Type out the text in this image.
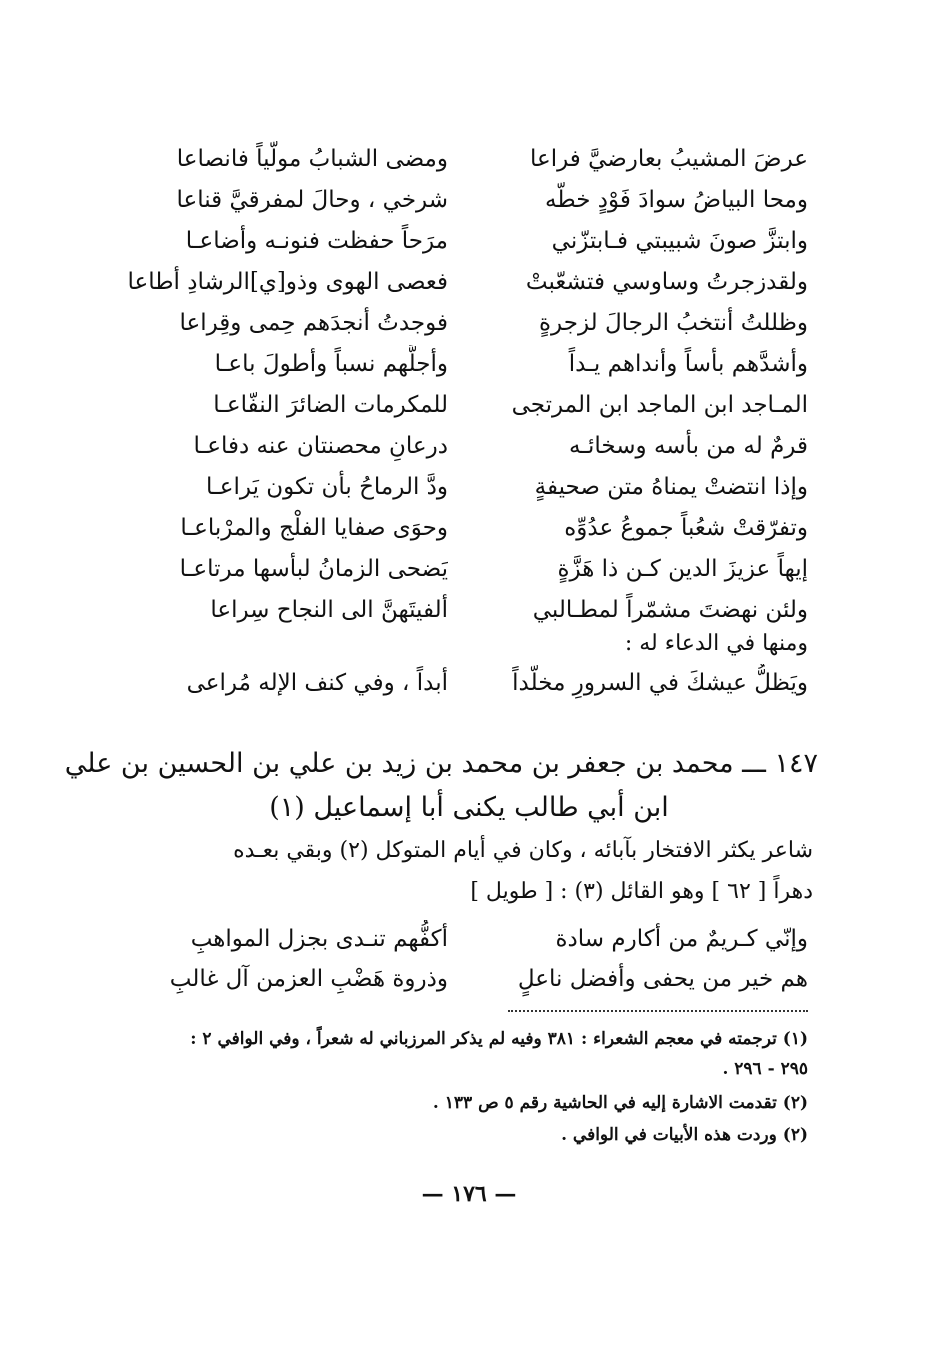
عرضَ المشيبُ بعارضيَّ فراعا
ومضى الشبابُ مولّياً فانصاعا
ومحا البياضُ سوادَ فَوْدٍ خطّه
شرخي ، وحالَ لمفرقيَّ قناعا
وابتزَّ صونَ شبيبتي فـابتزّني
مرَحاً حفظت فنونـه وأضاعـا
ولقدزجرتُ وساوسي فتشعّبتْ
فعصى الهوى وذو[ي]الرشادِ أطاعا
وظللتُ أنتخبُ الرجالَ لزجرةٍ
فوجدتُ أنجدَهم حِمى وقِراعا
وأشدَّهم بأساً وأنداهم يـداً
وأجلَّهم نسباً وأطولَ باعـا
المـاجد ابن الماجد ابن المرتجى
للمكرمات الضائرَ النفّاعـا
قرمٌ له من بأسه وسخائـه
درعانِ محصنتان عنه دفاعـا
وإذا انتضتْ يمناهُ متن صحيفةٍ
ودَّ الرماحُ بأن تكون يَراعـا
وتفرّقتْ شعُباً جموعُ عدُوِّه
وحوَى صفايا الفلْج والمرْباعـا
إيهاً عزيزَ الدين كـن ذا هَزَّةٍ
يَضحى الزمانُ لبأسها مرتاعـا
ولئن نهضتَ مشمّراً لمطـالبي
ألفيتَهنَّ الى النجاح سِراعا
ومنها في الدعاء له :
ويَظلُّ عيشكَ في السرورِ مخلّداً
أبداً ، وفي كنف الإله مُراعى
١٤٧ ـــ محمد بن جعفر بن محمد بن زيد بن علي بن الحسين بن علي
ابن أبي طالب يكنى أبا إسماعيل (١)
شاعر يكثر الافتخار بآبائه ، وكان في أيام المتوكل (٢) وبقي بعـده
دهراً [ ٦٢ ] وهو القائل (٣) : [ طويل ]
وإنّي كـريمٌ من أكارم سادة
أكفُّهم تنـدى بجزل المواهبِ
هم خير من يحفى وأفضل ناعلٍ
وذروة هَضْبِ العزمن آل غالبِ
(١) ترجمته في معجم الشعراء : ٣٨١ وفيه لم يذكر المرزباني له شعراً ، وفي الوافي ٢ :
٢٩٥ - ٢٩٦ .
(٢) تقدمت الاشارة إليه في الحاشية رقم ٥ ص ١٣٣ .
(٢) وردت هذه الأبيات في الوافي .
— ١٧٦ —
